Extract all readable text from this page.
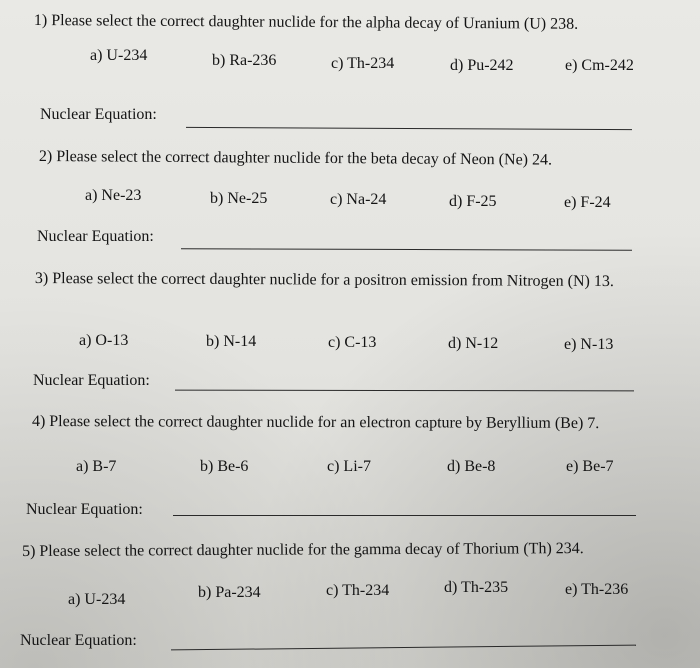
1) Please select the correct daughter nuclide for the alpha decay of Uranium (U) 238.
a) U-234	b) Ra-236	c) Th-234	d) Pu-242	e) Cm-242
Nuclear Equation:
2) Please select the correct daughter nuclide for the beta decay of Neon (Ne) 24.
a) Ne-23	b) Ne-25	c) Na-24	d) F-25	e) F-24
Nuclear Equation:
3) Please select the correct daughter nuclide for a positron emission from Nitrogen (N) 13.
a) O-13	b) N-14	c) C-13	d) N-12	e) N-13
Nuclear Equation:
4) Please select the correct daughter nuclide for an electron capture by Beryllium (Be) 7.
a) B-7	b) Be-6	c) Li-7	d) Be-8	e) Be-7
Nuclear Equation:
5) Please select the correct daughter nuclide for the gamma decay of Thorium (Th) 234.
a) U-234	b) Pa-234	c) Th-234	d) Th-235	e) Th-236
Nuclear Equation:
